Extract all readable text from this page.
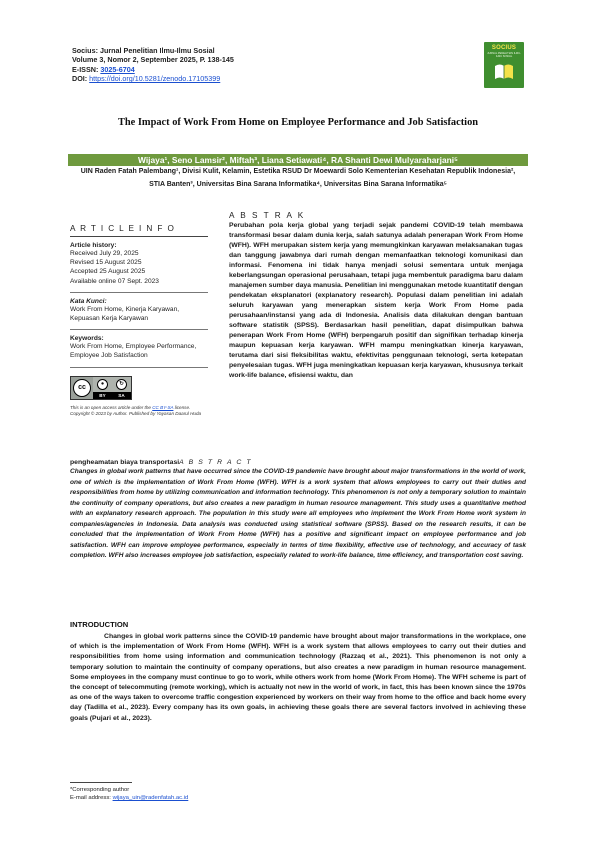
Socius: Jurnal Penelitian Ilmu-Ilmu Sosial
Volume 3, Nomor 2, September 2025, P. 138-145
E-ISSN: 3025-6704
DOI: https://doi.org/10.5281/zenodo.17105399
SOCIUS
JURNAL PENELITIAN ILMU-ILMU SOSIAL
The Impact of Work From Home on Employee Performance and Job Satisfaction
Wijaya¹, Seno Lamsir², Miftah³, Liana Setiawati⁴, RA Shanti Dewi Mulyaraharjani⁵
UIN Raden Fatah Palembang¹, Divisi Kulit, Kelamin, Estetika RSUD Dr Moewardi Solo Kementerian Kesehatan Republik Indonesia², STIA Banten³, Universitas Bina Sarana Informatika⁴, Universitas Bina Sarana Informatika⁵
A R T I C L E I N F O
Article history:
Received July 29, 2025
Revised 15 August 2025
Accepted 25 August 2025
Available online 07 Sept. 2023
Kata Kunci:
Work From Home, Kinerja Karyawan, Kepuasan Kerja Karyawan
Keywords:
Work From Home, Employee Performance, Employee Job Satisfaction
cc	●	↻
BY	SA
This is an open access article under the CC BY-SA license. Copyright © 2023 by Author. Published by Yayasan Daarul Huda
A B S T R A K
Perubahan pola kerja global yang terjadi sejak pandemi COVID-19 telah membawa transformasi besar dalam dunia kerja, salah satunya adalah penerapan Work From Home (WFH). WFH merupakan sistem kerja yang memungkinkan karyawan melaksanakan tugas dan tanggung jawabnya dari rumah dengan memanfaatkan teknologi komunikasi dan informasi. Fenomena ini tidak hanya menjadi solusi sementara untuk menjaga keberlangsungan operasional perusahaan, tetapi juga membentuk paradigma baru dalam manajemen sumber daya manusia. Penelitian ini menggunakan metode kuantitatif dengan pendekatan eksplanatori (explanatory research). Populasi dalam penelitian ini adalah seluruh karyawan yang menerapkan sistem kerja Work From Home pada perusahaan/instansi yang ada di Indonesia. Analisis data dilakukan dengan bantuan software statistik (SPSS). Berdasarkan hasil penelitian, dapat disimpulkan bahwa penerapan Work From Home (WFH) berpengaruh positif dan signifikan terhadap kinerja maupun kepuasan kerja karyawan. WFH mampu meningkatkan kinerja karyawan, terutama dari sisi fleksibilitas waktu, efektivitas penggunaan teknologi, serta ketepatan penyelesaian tugas. WFH juga meningkatkan kepuasan kerja karyawan, khususnya terkait work-life balance, efisiensi waktu, dan
pengheamatan biaya transportasiA B S T R A C T
Changes in global work patterns that have occurred since the COVID-19 pandemic have brought about major transformations in the world of work, one of which is the implementation of Work From Home (WFH). WFH is a work system that allows employees to carry out their duties and responsibilities from home by utilizing communication and information technology. This phenomenon is not only a temporary solution to maintain the continuity of company operations, but also creates a new paradigm in human resource management. This study uses a quantitative method with an explanatory research approach. The population in this study were all employees who implement the Work From Home work system in companies/agencies in Indonesia. Data analysis was conducted using statistical software (SPSS). Based on the research results, it can be concluded that the implementation of Work From Home (WFH) has a positive and significant impact on employee performance and job satisfaction. WFH can improve employee performance, especially in terms of time flexibility, effective use of technology, and accuracy of task completion. WFH also increases employee job satisfaction, especially related to work-life balance, time efficiency, and transportation cost saving.
INTRODUCTION
Changes in global work patterns since the COVID-19 pandemic have brought about major transformations in the workplace, one of which is the implementation of Work From Home (WFH). WFH is a work system that allows employees to carry out their duties and responsibilities from home using information and communication technology (Razzaq et al., 2021). This phenomenon is not only a temporary solution to maintain the continuity of company operations, but also creates a new paradigm in human resource management. Some employees in the company must continue to go to work, while others work from home (Work From Home). The WFH scheme is part of the concept of telecommuting (remote working), which is actually not new in the world of work, in fact, this has been known since the 1970s as one of the ways taken to overcome traffic congestion experienced by workers on their way from home to the office and back home every day (Tadilla et al., 2023). Every company has its own goals, in achieving these goals there are several factors involved in achieving these goals (Pujari et al., 2023).
*Corresponding author
E-mail address: wijaya_uin@radenfatah.ac.id
